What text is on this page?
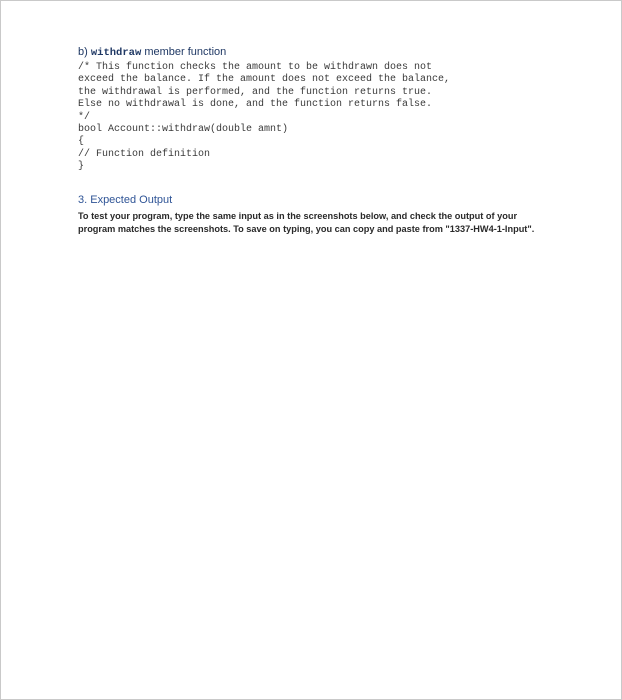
b) withdraw member function
/* This function checks the amount to be withdrawn does not
exceed the balance. If the amount does not exceed the balance,
the withdrawal is performed, and the function returns true.
Else no withdrawal is done, and the function returns false.
*/
bool Account::withdraw(double amnt)
{
// Function definition
}
3. Expected Output

To test your program, type the same input as in the screenshots below, and check the output of your program matches the screenshots. To save on typing, you can copy and paste from "1337-HW4-1-Input".
